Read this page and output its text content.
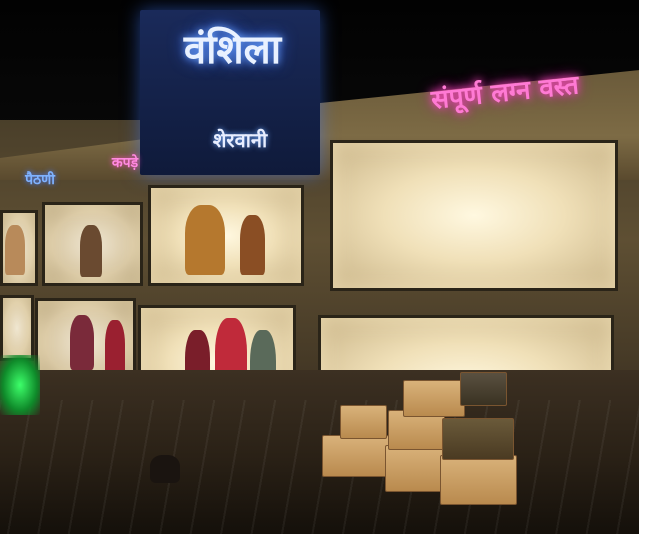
वंशिला
शेरवानी
संपूर्ण लग्न वस्त
पैठणी
कपड़े
